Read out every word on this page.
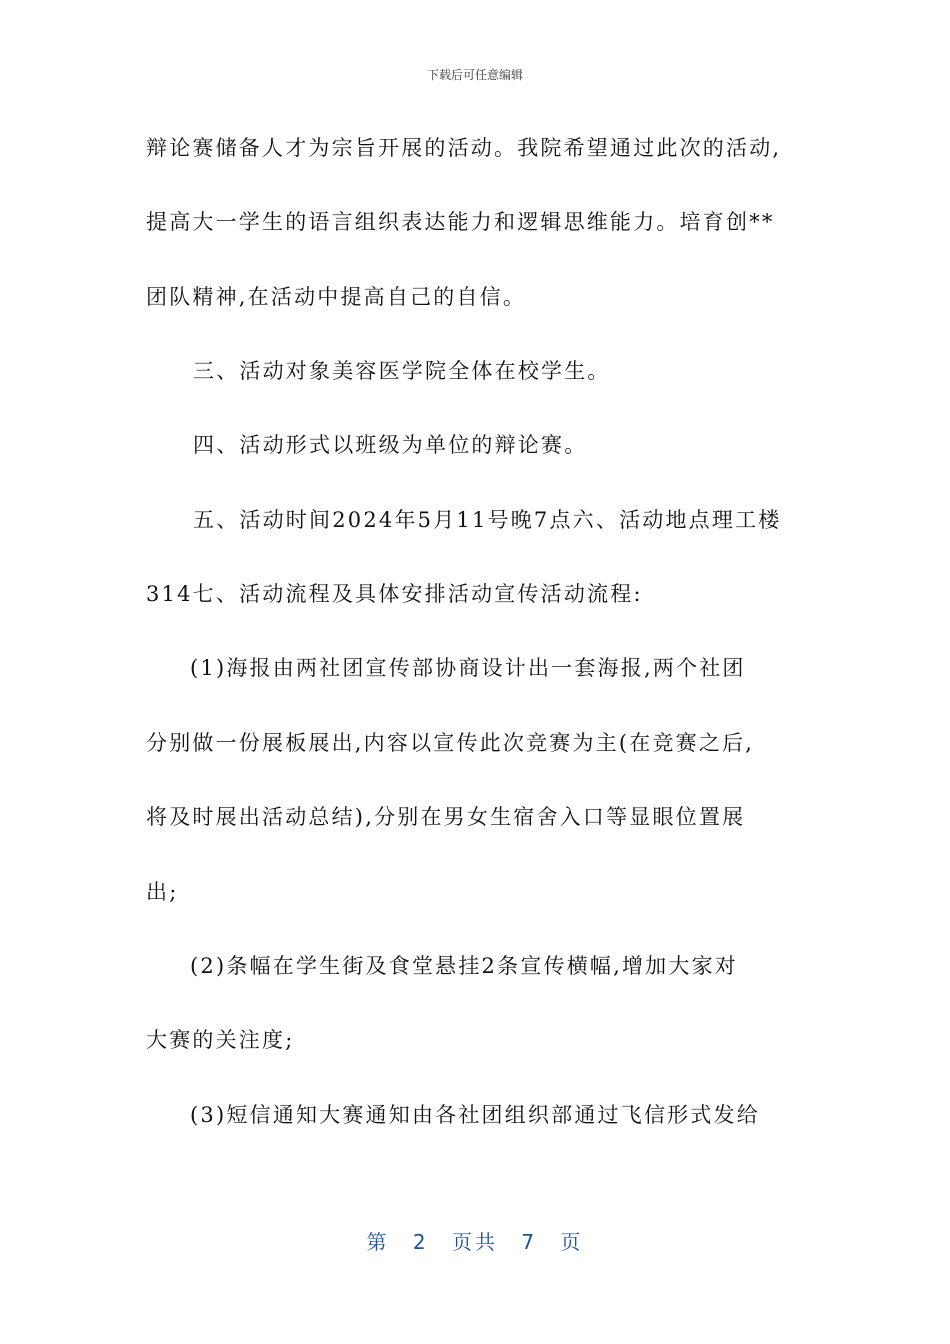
下载后可任意编辑
辩论赛储备人才为宗旨开展的活动。我院希望通过此次的活动,
提高大一学生的语言组织表达能力和逻辑思维能力。培育创**
团队精神,在活动中提高自己的自信。
三、活动对象美容医学院全体在校学生。
四、活动形式以班级为单位的辩论赛。
五、活动时间2024年5月11号晚7点六、活动地点理工楼
314七、活动流程及具体安排活动宣传活动流程:
(1)海报由两社团宣传部协商设计出一套海报,两个社团
分别做一份展板展出,内容以宣传此次竞赛为主(在竞赛之后,
将及时展出活动总结),分别在男女生宿舍入口等显眼位置展
出;
(2)条幅在学生街及食堂悬挂2条宣传横幅,增加大家对
大赛的关注度;
(3)短信通知大赛通知由各社团组织部通过飞信形式发给
第 2 页共 7 页
